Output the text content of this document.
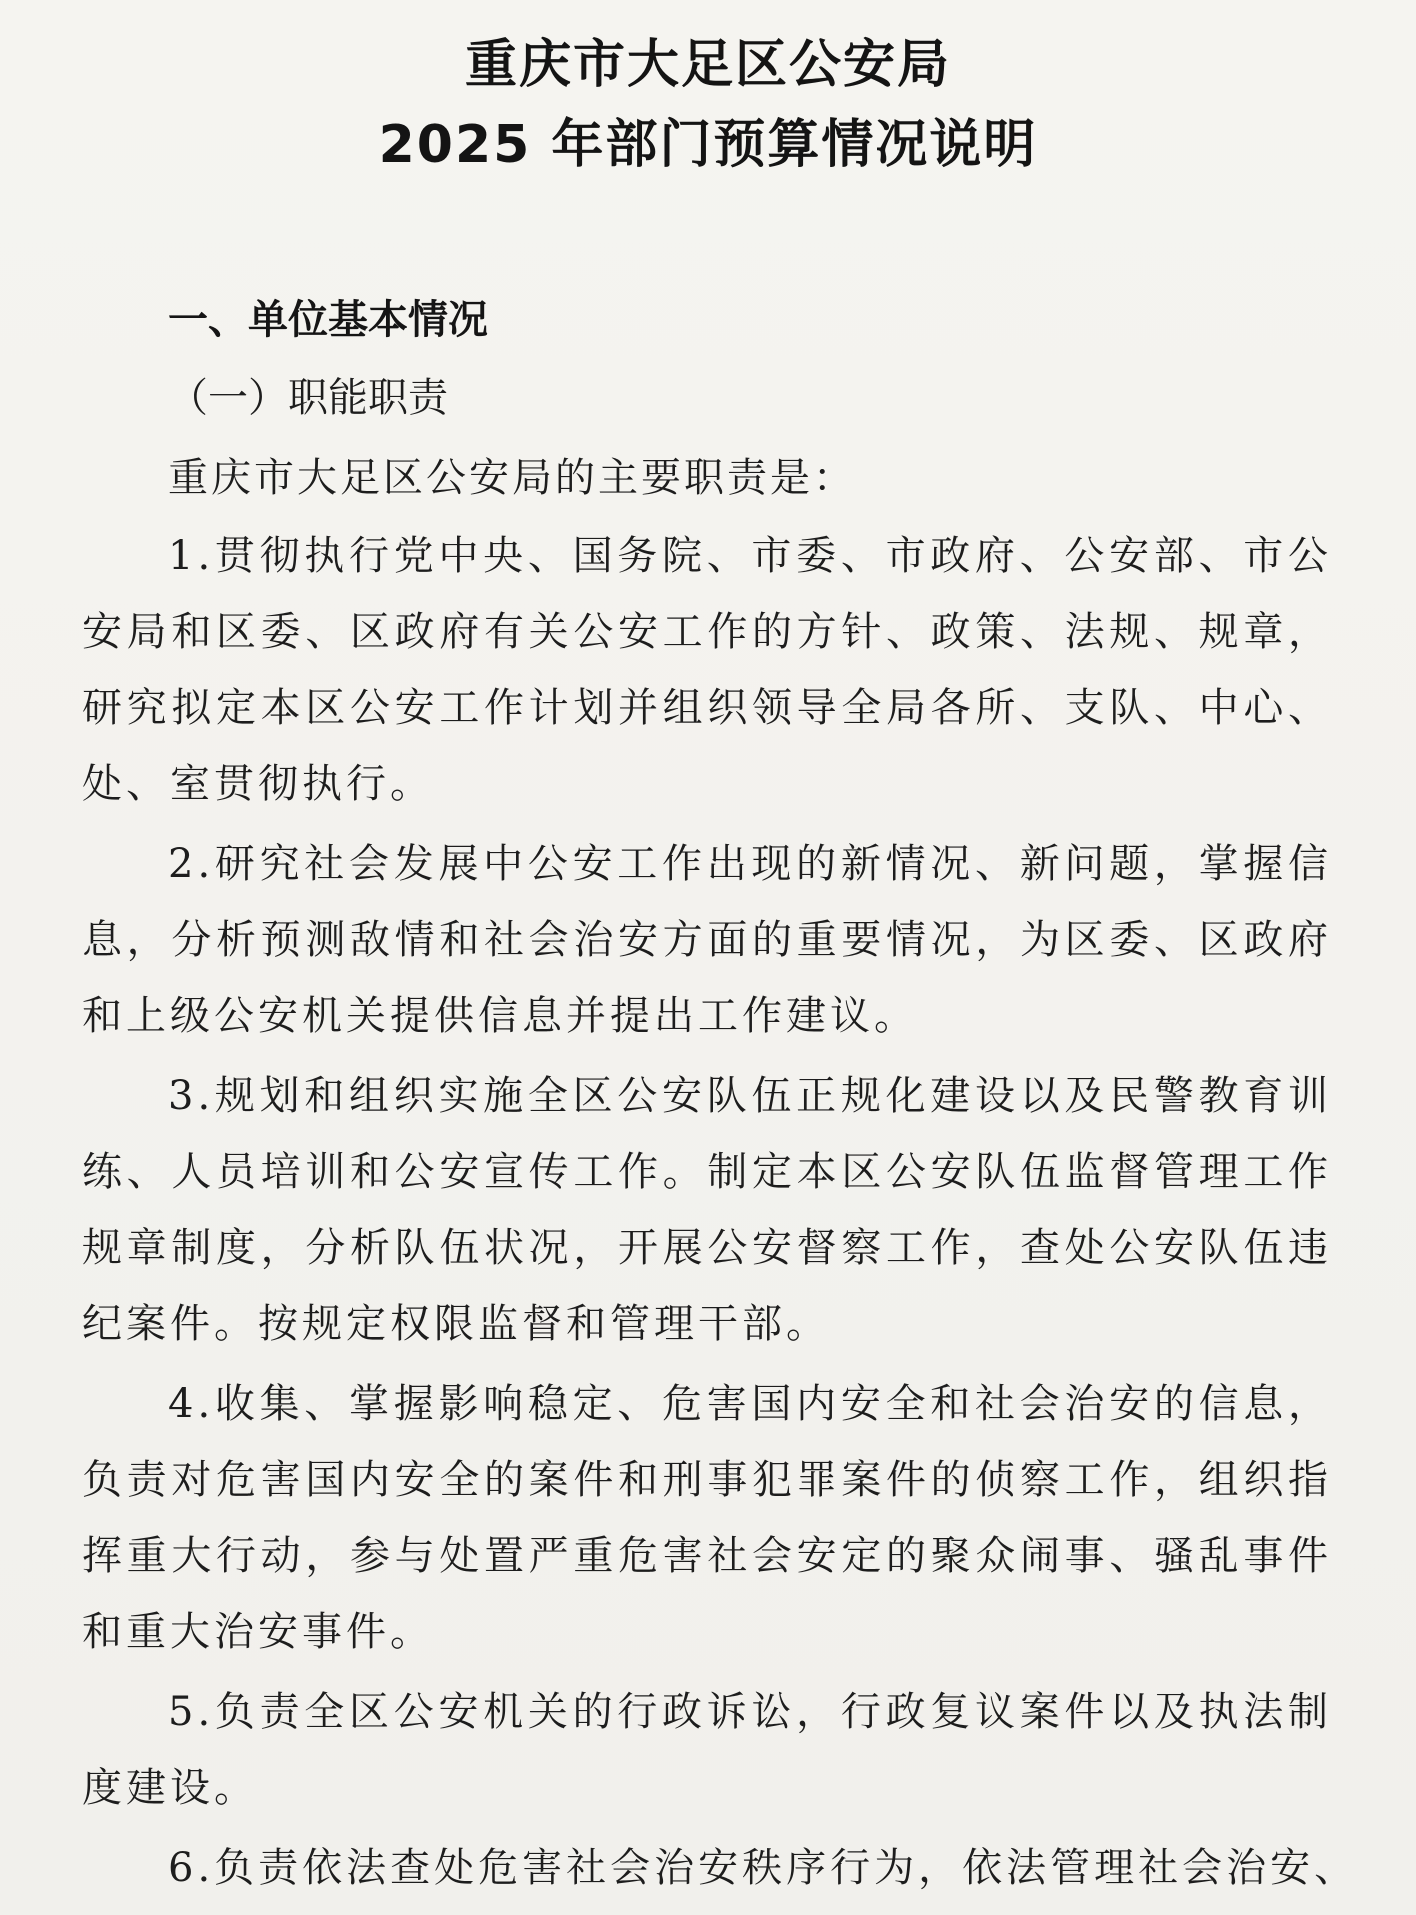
重庆市大足区公安局
2025 年部门预算情况说明
一、单位基本情况
（一）职能职责
重庆市大足区公安局的主要职责是：

1.贯彻执行党中央、国务院、市委、市政府、公安部、市公安局和区委、区政府有关公安工作的方针、政策、法规、规章，研究拟定本区公安工作计划并组织领导全局各所、支队、中心、处、室贯彻执行。

2.研究社会发展中公安工作出现的新情况、新问题，掌握信息，分析预测敌情和社会治安方面的重要情况，为区委、区政府和上级公安机关提供信息并提出工作建议。

3.规划和组织实施全区公安队伍正规化建设以及民警教育训练、人员培训和公安宣传工作。制定本区公安队伍监督管理工作规章制度，分析队伍状况，开展公安督察工作，查处公安队伍违纪案件。按规定权限监督和管理干部。

4.收集、掌握影响稳定、危害国内安全和社会治安的信息，负责对危害国内安全的案件和刑事犯罪案件的侦察工作，组织指挥重大行动，参与处置严重危害社会安定的聚众闹事、骚乱事件和重大治安事件。

5.负责全区公安机关的行政诉讼，行政复议案件以及执法制度建设。

6.负责依法查处危害社会治安秩序行为，依法管理社会治安、
